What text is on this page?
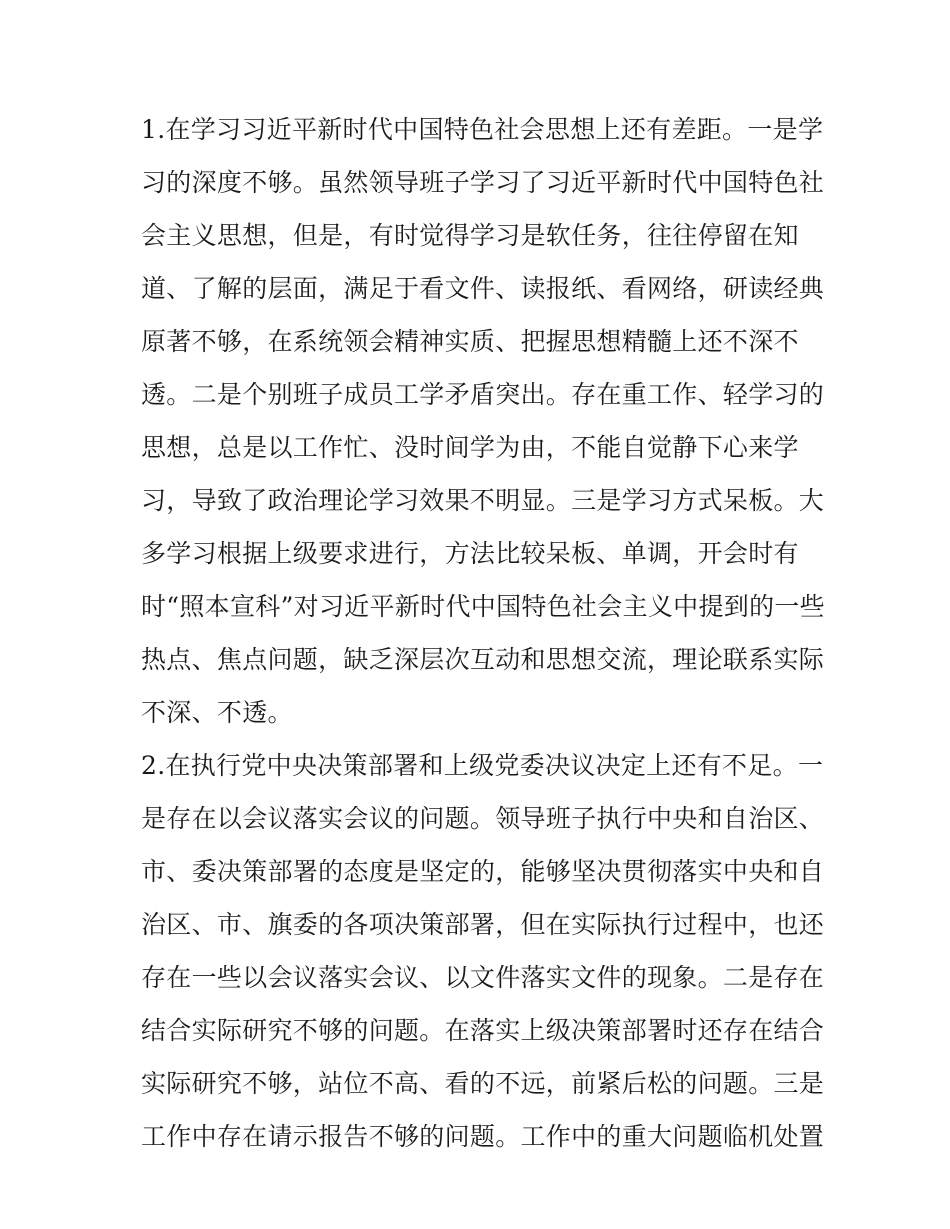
1.在学习习近平新时代中国特色社会思想上还有差距。一是学
习的深度不够。虽然领导班子学习了习近平新时代中国特色社
会主义思想，但是，有时觉得学习是软任务，往往停留在知
道、了解的层面，满足于看文件、读报纸、看网络，研读经典
原著不够，在系统领会精神实质、把握思想精髓上还不深不
透。二是个别班子成员工学矛盾突出。存在重工作、轻学习的
思想，总是以工作忙、没时间学为由，不能自觉静下心来学
习，导致了政治理论学习效果不明显。三是学习方式呆板。大
多学习根据上级要求进行，方法比较呆板、单调，开会时有
时“照本宣科”对习近平新时代中国特色社会主义中提到的一些
热点、焦点问题，缺乏深层次互动和思想交流，理论联系实际
不深、不透。
2.在执行党中央决策部署和上级党委决议决定上还有不足。一
是存在以会议落实会议的问题。领导班子执行中央和自治区、
市、委决策部署的态度是坚定的，能够坚决贯彻落实中央和自
治区、市、旗委的各项决策部署，但在实际执行过程中，也还
存在一些以会议落实会议、以文件落实文件的现象。二是存在
结合实际研究不够的问题。在落实上级决策部署时还存在结合
实际研究不够，站位不高、看的不远，前紧后松的问题。三是
工作中存在请示报告不够的问题。工作中的重大问题临机处置
